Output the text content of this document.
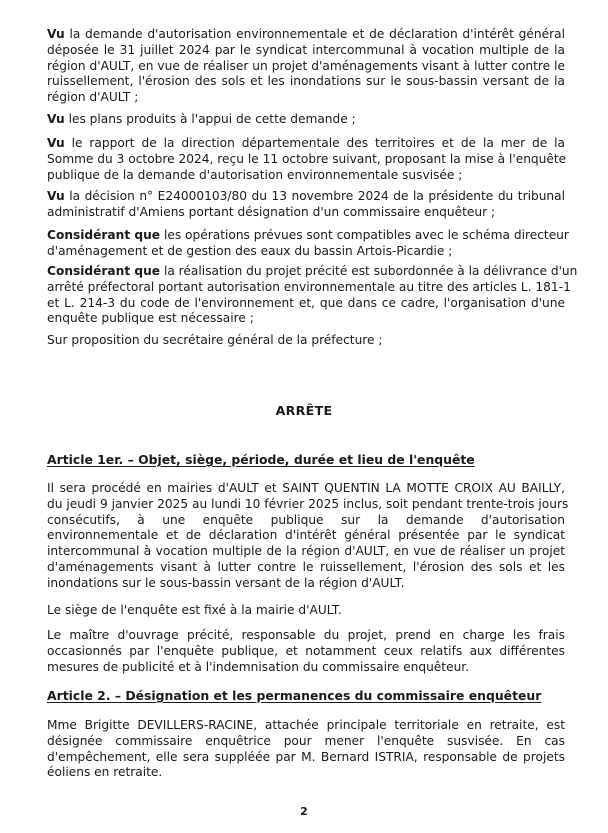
Vu la demande d'autorisation environnementale et de déclaration d'intérêt général
déposée le 31 juillet 2024 par le syndicat intercommunal à vocation multiple de la
région d'AULT, en vue de réaliser un projet d'aménagements visant à lutter contre le
ruissellement, l'érosion des sols et les inondations sur le sous-bassin versant de la
région d'AULT ;
Vu les plans produits à l'appui de cette demande ;
Vu le rapport de la direction départementale des territoires et de la mer de la
Somme du 3 octobre 2024, reçu le 11 octobre suivant, proposant la mise à l'enquête
publique de la demande d'autorisation environnementale susvisée ;
Vu la décision n° E24000103/80 du 13 novembre 2024 de la présidente du tribunal
administratif d'Amiens portant désignation d'un commissaire enquêteur ;
Considérant que les opérations prévues sont compatibles avec le schéma directeur
d'aménagement et de gestion des eaux du bassin Artois-Picardie ;
Considérant que la réalisation du projet précité est subordonnée à la délivrance d'un
arrêté préfectoral portant autorisation environnementale au titre des articles L. 181-1
et L. 214-3 du code de l'environnement et, que dans ce cadre, l'organisation d'une
enquête publique est nécessaire ;
Sur proposition du secrétaire général de la préfecture ;
ARRÊTE
Article 1er. – Objet, siège, période, durée et lieu de l'enquête
Il sera procédé en mairies d'AULT et SAINT QUENTIN LA MOTTE CROIX AU BAILLY,
du jeudi 9 janvier 2025 au lundi 10 février 2025 inclus, soit pendant trente-trois jours
consécutifs, à une enquête publique sur la demande d'autorisation
environnementale et de déclaration d'intérêt général présentée par le syndicat
intercommunal à vocation multiple de la région d'AULT, en vue de réaliser un projet
d'aménagements visant à lutter contre le ruissellement, l'érosion des sols et les
inondations sur le sous-bassin versant de la région d'AULT.
Le siège de l'enquête est fixé à la mairie d'AULT.
Le maître d'ouvrage précité, responsable du projet, prend en charge les frais
occasionnés par l'enquête publique, et notamment ceux relatifs aux différentes
mesures de publicité et à l'indemnisation du commissaire enquêteur.
Article 2. – Désignation et les permanences du commissaire enquêteur
Mme Brigitte DEVILLERS-RACINE, attachée principale territoriale en retraite, est
désignée commissaire enquêtrice pour mener l'enquête susvisée. En cas
d'empêchement, elle sera suppléée par M. Bernard ISTRIA, responsable de projets
éoliens en retraite.
2
